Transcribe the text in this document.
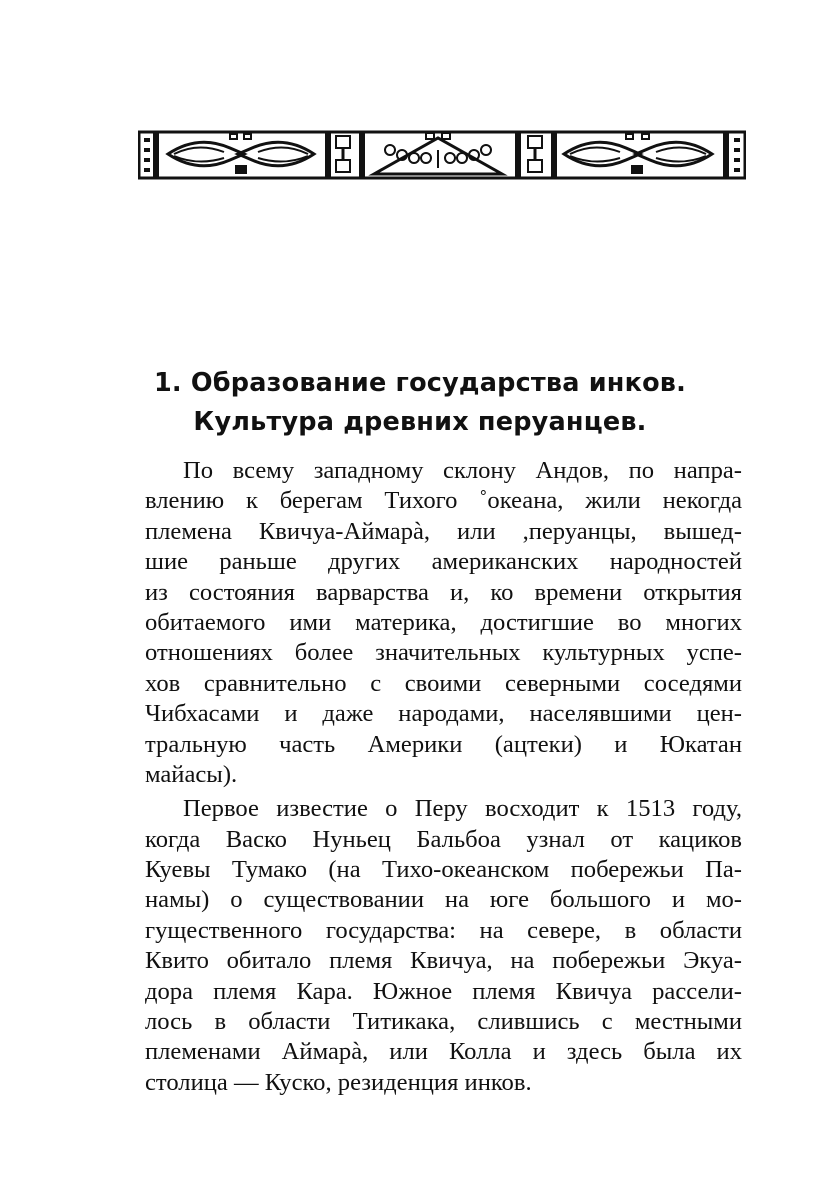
1. Образование государства инков.
Культура древних перуанцев.
По всему западному склону Андов, по напра-
влению к берегам Тихого ˚океана, жили некогда
племена Квичуа-Аймарà, или ,перуанцы, вышед-
шие раньше других американских народностей
из состояния варварства и, ко времени открытия
обитаемого ими материка, достигшие во многих
отношениях более значительных культурных успе-
хов сравнительно с своими северными соседями
Чибхасами и даже народами, населявшими цен-
тральную часть Америки (ацтеки) и Юкатан
майасы).
Первое известие о Перу восходит к 1513 году,
когда Васко Нуньец Бальбоа узнал от кациков
Куевы Тумако (на Тихо-океанском побережьи Па-
намы) о существовании на юге большого и мо-
гущественного государства: на севере, в области
Квито обитало племя Квичуа, на побережьи Экуа-
дора племя Кара. Южное племя Квичуа рассели-
лось в области Титикака, слившись с местными
племенами Аймарà, или Колла и здесь была их
столица — Куско, резиденция инков.
